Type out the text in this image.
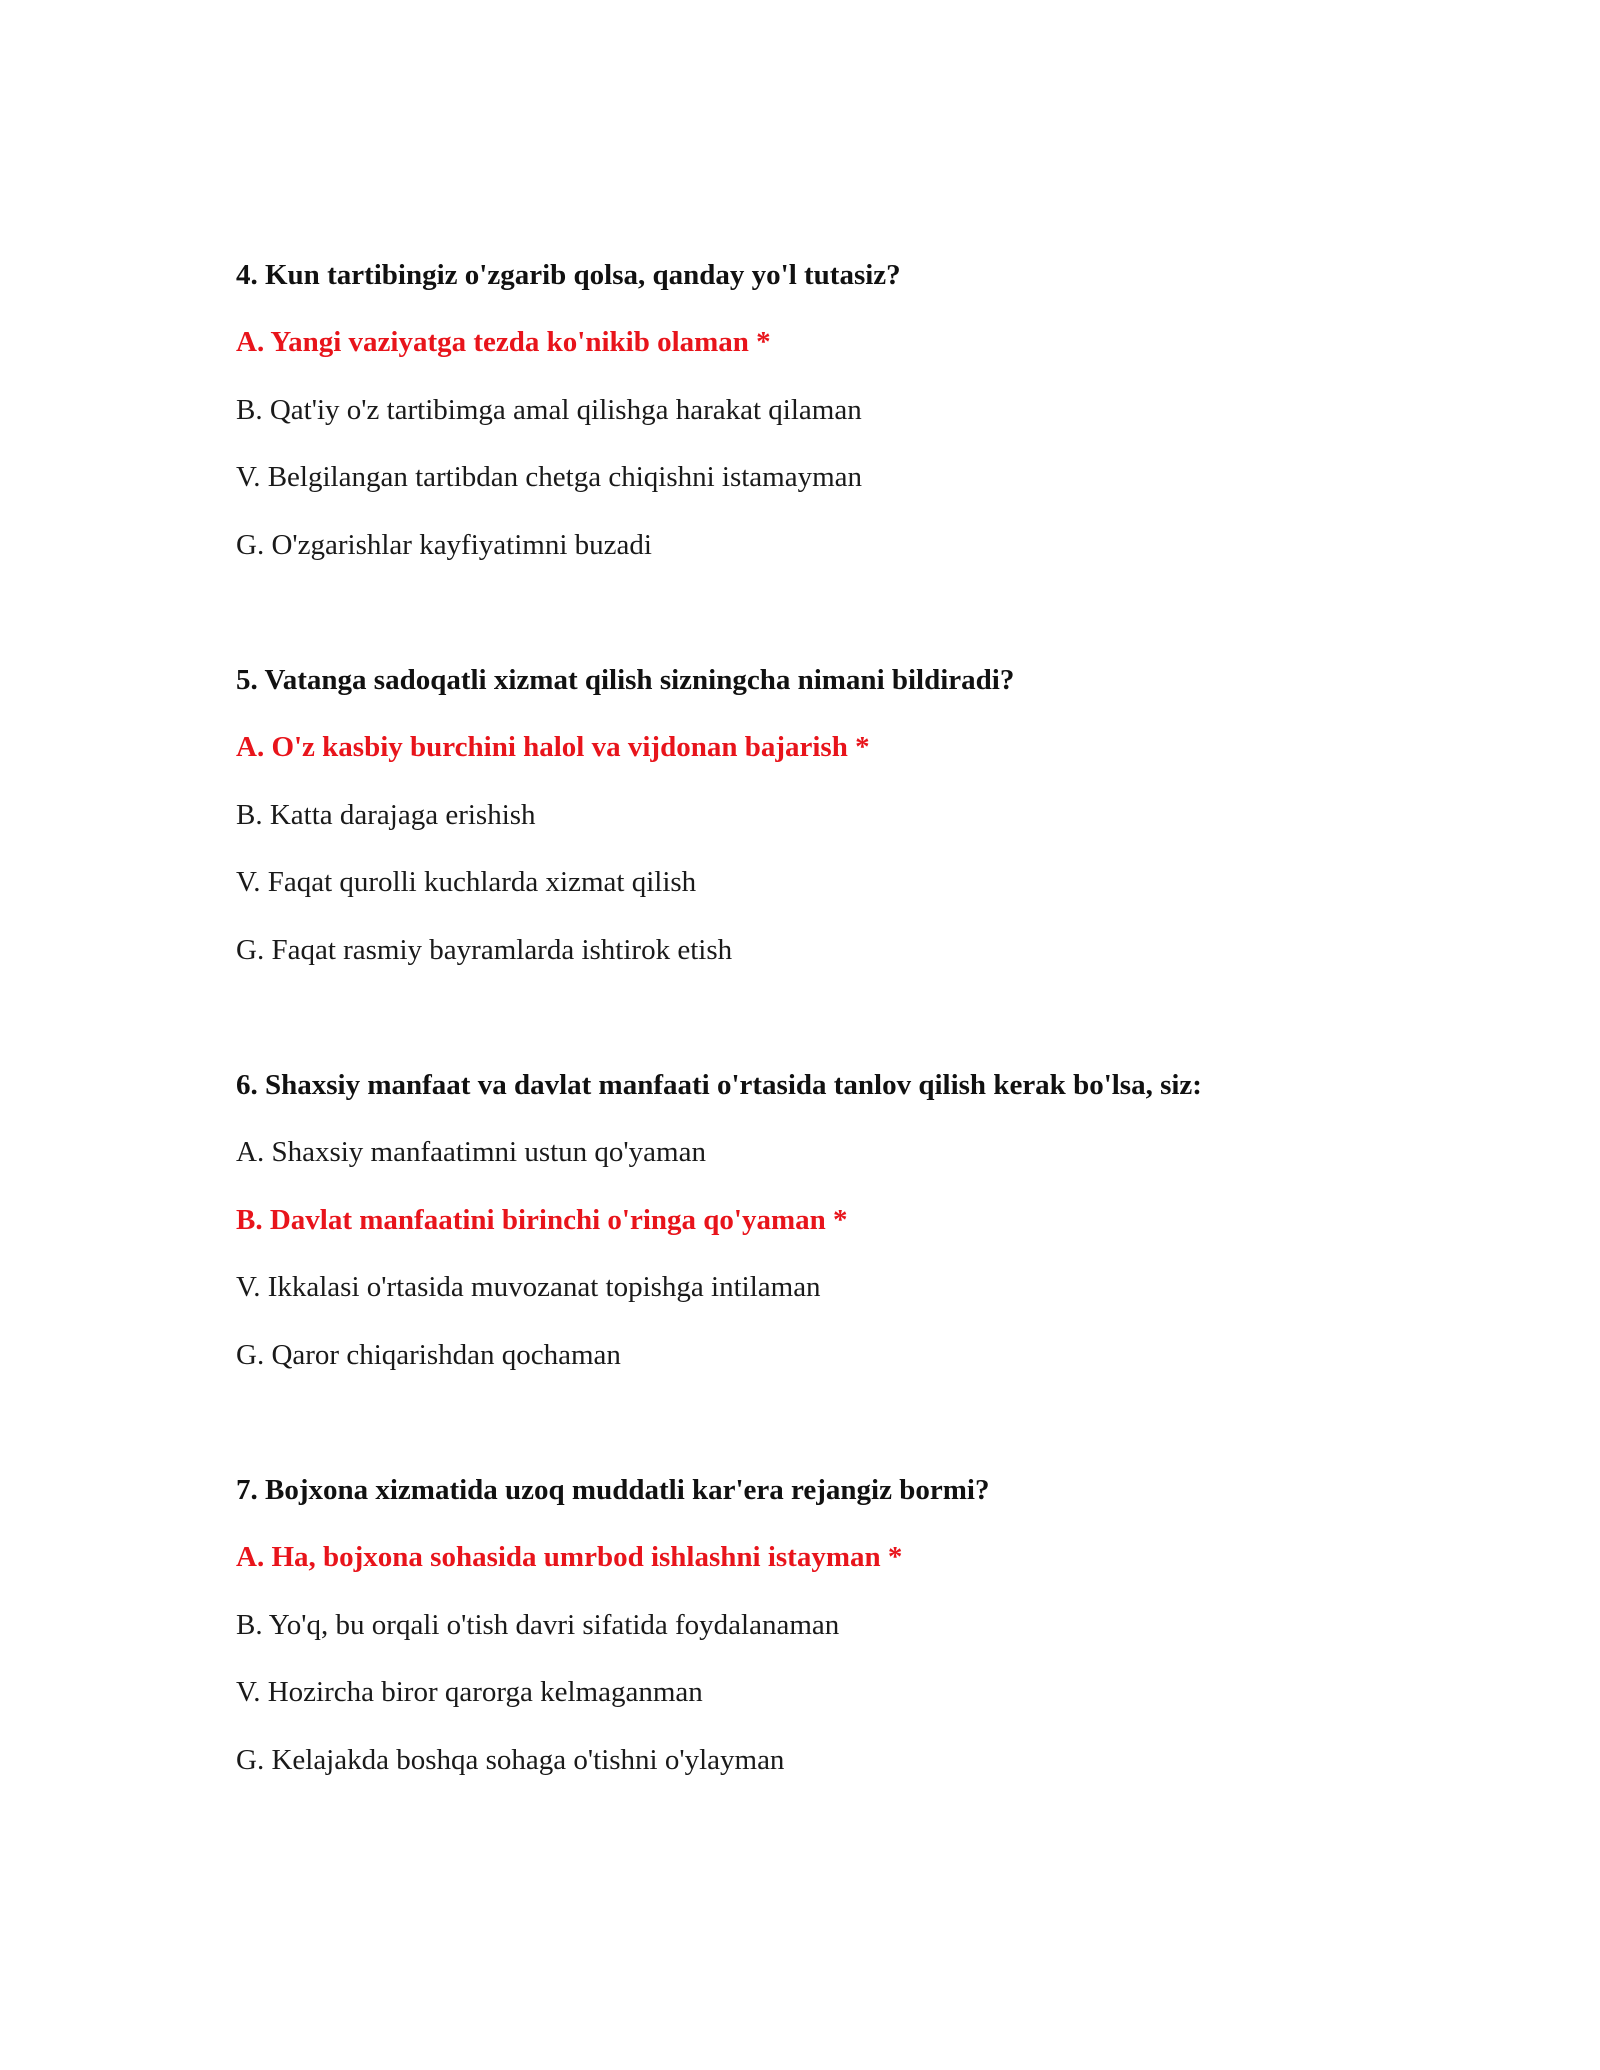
4. Kun tartibingiz o'zgarib qolsa, qanday yo'l tutasiz?

A. Yangi vaziyatga tezda ko'nikib olaman *

B. Qat'iy o'z tartibimga amal qilishga harakat qilaman

V. Belgilangan tartibdan chetga chiqishni istamayman

G. O'zgarishlar kayfiyatimni buzadi

5. Vatanga sadoqatli xizmat qilish sizningcha nimani bildiradi?

A. O'z kasbiy burchini halol va vijdonan bajarish *

B. Katta darajaga erishish

V. Faqat qurolli kuchlarda xizmat qilish

G. Faqat rasmiy bayramlarda ishtirok etish

6. Shaxsiy manfaat va davlat manfaati o'rtasida tanlov qilish kerak bo'lsa, siz:

A. Shaxsiy manfaatimni ustun qo'yaman

B. Davlat manfaatini birinchi o'ringa qo'yaman *

V. Ikkalasi o'rtasida muvozanat topishga intilaman

G. Qaror chiqarishdan qochaman

7. Bojxona xizmatida uzoq muddatli kar'era rejangiz bormi?

A. Ha, bojxona sohasida umrbod ishlashni istayman *

B. Yo'q, bu orqali o'tish davri sifatida foydalanaman

V. Hozircha biror qarorga kelmaganman

G. Kelajakda boshqa sohaga o'tishni o'ylayman
